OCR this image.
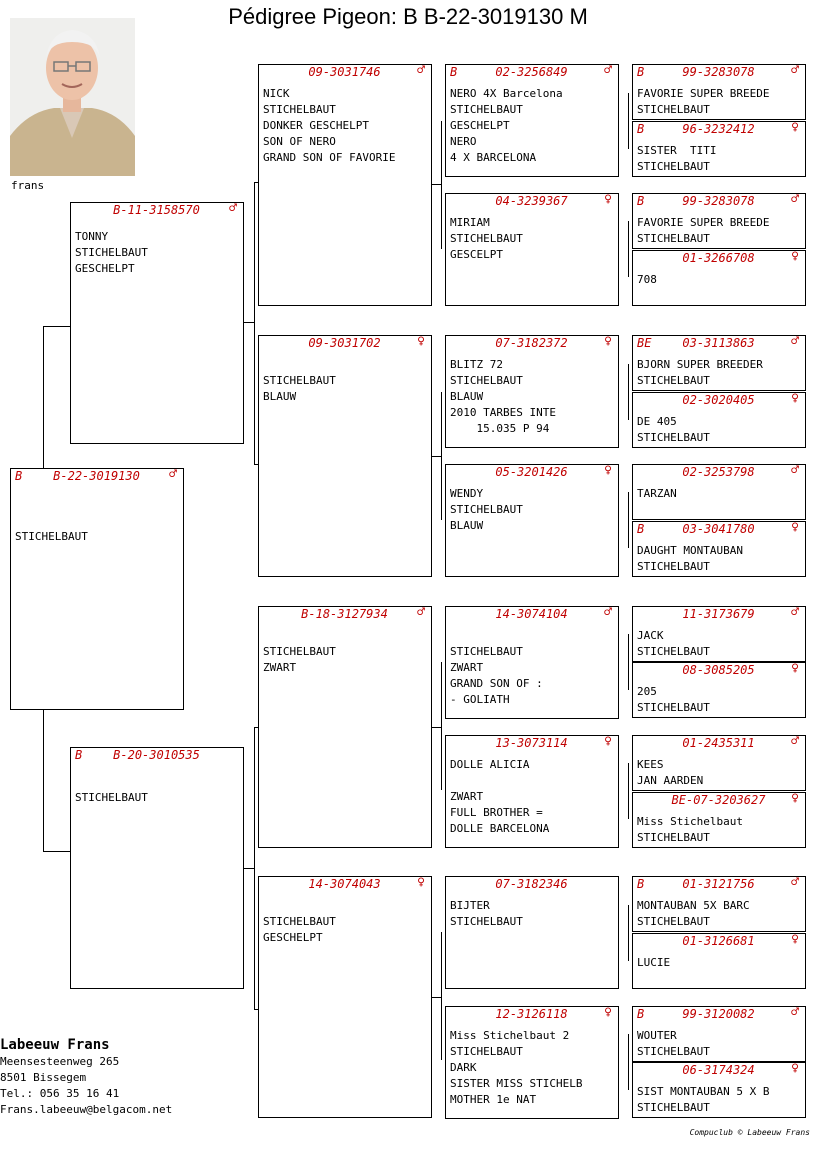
Pédigree Pigeon: B B-22-3019130 M
frans
B	B-22-3019130	♂
STICHELBAUT
B-11-3158570	♂
TONNY
STICHELBAUT
GESCHELPT
B	B-20-3010535
STICHELBAUT
09-3031746	♂
NICK
STICHELBAUT
DONKER GESCHELPT
SON OF NERO
GRAND SON OF FAVORIE
09-3031702	♀
STICHELBAUT
BLAUW
B-18-3127934	♂
STICHELBAUT
ZWART
14-3074043	♀
STICHELBAUT
GESCHELPT
B	02-3256849	♂
NERO 4X Barcelona
STICHELBAUT
GESCHELPT
NERO
4 X BARCELONA
04-3239367	♀
MIRIAM
STICHELBAUT
GESCELPT
07-3182372	♀
BLITZ 72
STICHELBAUT
BLAUW
2010 TARBES INTE
15.035 P 94
05-3201426	♀
WENDY
STICHELBAUT
BLAUW
14-3074104	♂
STICHELBAUT
ZWART
GRAND SON OF :
- GOLIATH
13-3073114	♀
DOLLE ALICIA
ZWART
FULL BROTHER =
DOLLE BARCELONA
07-3182346
BIJTER
STICHELBAUT
12-3126118	♀
Miss Stichelbaut 2
STICHELBAUT
DARK
SISTER MISS STICHELB
MOTHER 1e NAT
B	99-3283078	♂
FAVORIE SUPER BREEDE
STICHELBAUT
B	96-3232412	♀
SISTER  TITI
STICHELBAUT
B	99-3283078	♂
FAVORIE SUPER BREEDE
STICHELBAUT
01-3266708	♀
708
BE	03-3113863	♂
BJORN SUPER BREEDER
STICHELBAUT
02-3020405	♀
DE 405
STICHELBAUT
02-3253798	♂
TARZAN
B	03-3041780	♀
DAUGHT MONTAUBAN
STICHELBAUT
11-3173679	♂
JACK
STICHELBAUT
08-3085205	♀
205
STICHELBAUT
01-2435311	♂
KEES
JAN AARDEN
BE-07-3203627	♀
Miss Stichelbaut
STICHELBAUT
B	01-3121756	♂
MONTAUBAN 5X BARC
STICHELBAUT
01-3126681	♀
LUCIE
B	99-3120082	♂
WOUTER
STICHELBAUT
06-3174324	♀
SIST MONTAUBAN 5 X B
STICHELBAUT
Labeeuw Frans
Meensesteenweg 265
8501 Bissegem
Tel.: 056 35 16 41
Frans.labeeuw@belgacom.net
Compuclub © Labeeuw Frans
